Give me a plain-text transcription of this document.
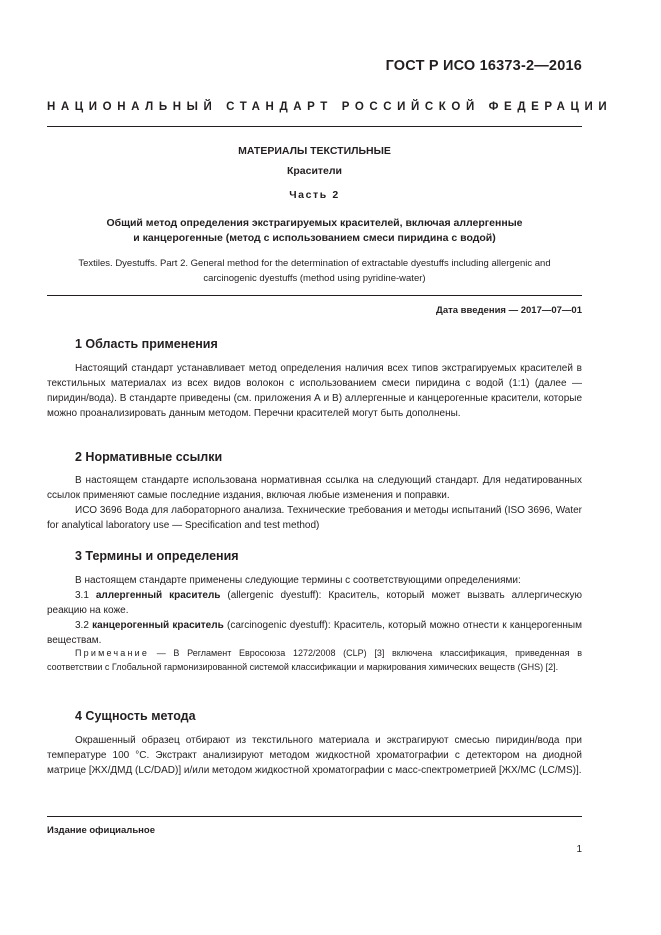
ГОСТ Р ИСО 16373-2—2016
НАЦИОНАЛЬНЫЙ СТАНДАРТ РОССИЙСКОЙ ФЕДЕРАЦИИ
МАТЕРИАЛЫ ТЕКСТИЛЬНЫЕ
Красители
Часть 2
Общий метод определения экстрагируемых красителей, включая аллергенные
и канцерогенные (метод с использованием смеси пиридина с водой)
Textiles. Dyestuffs. Part 2. General method for the determination of extractable dyestuffs including allergenic and
carcinogenic dyestuffs (method using pyridine-water)
Дата введения — 2017—07—01
1 Область применения

Настоящий стандарт устанавливает метод определения наличия всех типов экстрагируемых красителей в текстильных материалах из всех видов волокон с использованием смеси пиридина с водой (1:1) (далее — пиридин/вода). В стандарте приведены (см. приложения А и В) аллергенные и канцерогенные красители, которые можно проанализировать данным методом. Перечни красителей могут быть дополнены.

2 Нормативные ссылки

В настоящем стандарте использована нормативная ссылка на следующий стандарт. Для недатированных ссылок применяют самые последние издания, включая любые изменения и поправки.

ИСО 3696 Вода для лабораторного анализа. Технические требования и методы испытаний (ISO 3696, Water for analytical laboratory use — Specification and test method)

3 Термины и определения

В настоящем стандарте применены следующие термины с соответствующими определениями:

3.1 аллергенный краситель (allergenic dyestuff): Краситель, который может вызвать аллергическую реакцию на коже.

3.2 канцерогенный краситель (carcinogenic dyestuff): Краситель, который можно отнести к канцерогенным веществам.

Примечание — В Регламент Евросоюза 1272/2008 (CLP) [3] включена классификация, приведенная в соответствии с Глобальной гармонизированной системой классификации и маркирования химических веществ (GHS) [2].
4 Сущность метода

Окрашенный образец отбирают из текстильного материала и экстрагируют смесью пиридин/вода при температуре 100 °С. Экстракт анализируют методом жидкостной хроматографии с детектором на диодной матрице [ЖХ/ДМД (LC/DAD)] и/или методом жидкостной хроматографии с масс-спектрометрией [ЖХ/МС (LC/MS)].

Издание официальное
1
